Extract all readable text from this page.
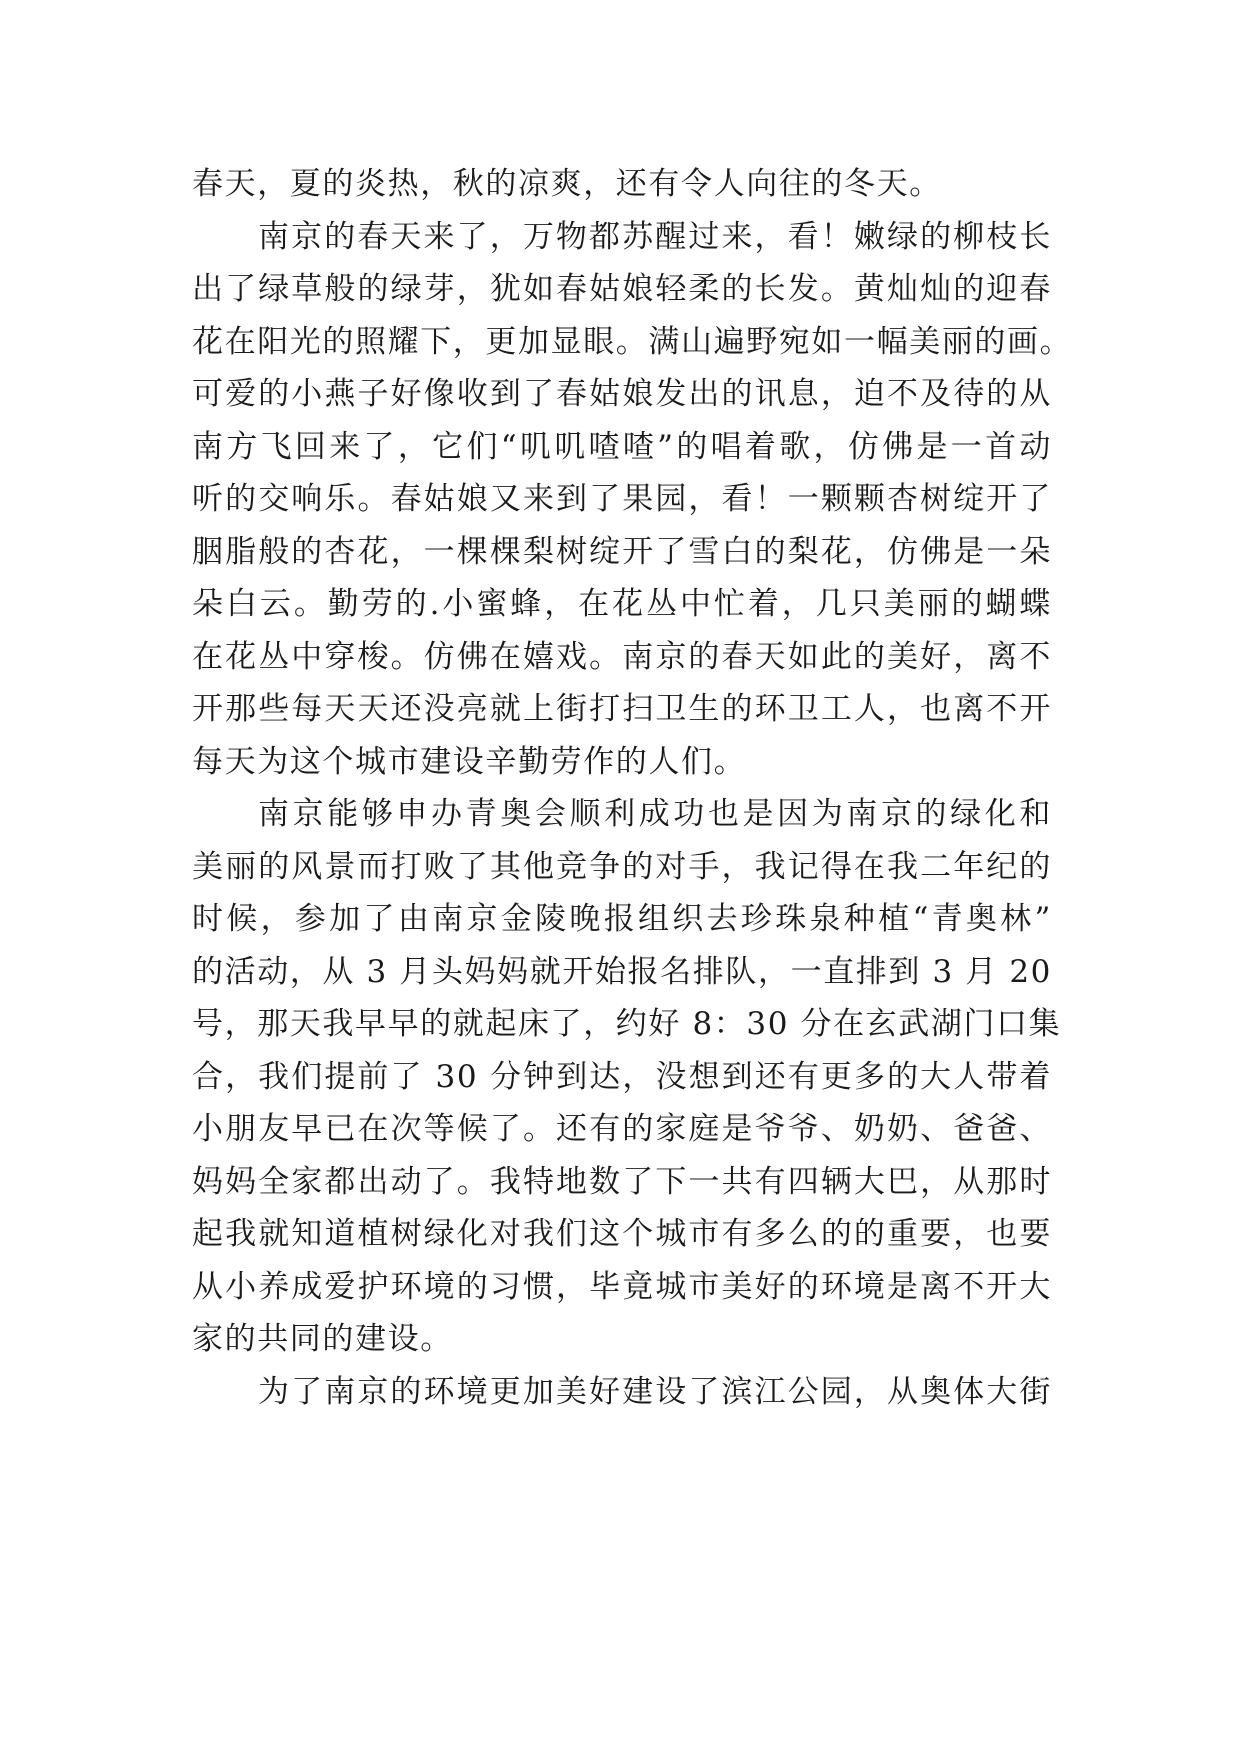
春天，夏的炎热，秋的凉爽，还有令人向往的冬天。
南京的春天来了，万物都苏醒过来，看！嫩绿的柳枝长
出了绿草般的绿芽，犹如春姑娘轻柔的长发。黄灿灿的迎春
花在阳光的照耀下，更加显眼。满山遍野宛如一幅美丽的画。
可爱的小燕子好像收到了春姑娘发出的讯息，迫不及待的从
南方飞回来了，它们“叽叽喳喳”的唱着歌，仿佛是一首动
听的交响乐。春姑娘又来到了果园，看！一颗颗杏树绽开了
胭脂般的杏花，一棵棵梨树绽开了雪白的梨花，仿佛是一朵
朵白云。勤劳的.小蜜蜂，在花丛中忙着，几只美丽的蝴蝶
在花丛中穿梭。仿佛在嬉戏。南京的春天如此的美好，离不
开那些每天天还没亮就上街打扫卫生的环卫工人，也离不开
每天为这个城市建设辛勤劳作的人们。
南京能够申办青奥会顺利成功也是因为南京的绿化和
美丽的风景而打败了其他竞争的对手，我记得在我二年纪的
时候，参加了由南京金陵晚报组织去珍珠泉种植“青奥林”
的活动，从 3 月头妈妈就开始报名排队，一直排到 3 月 20
号，那天我早早的就起床了，约好 8：30 分在玄武湖门口集
合，我们提前了 30 分钟到达，没想到还有更多的大人带着
小朋友早已在次等候了。还有的家庭是爷爷、奶奶、爸爸、
妈妈全家都出动了。我特地数了下一共有四辆大巴，从那时
起我就知道植树绿化对我们这个城市有多么的的重要，也要
从小养成爱护环境的习惯，毕竟城市美好的环境是离不开大
家的共同的建设。
为了南京的环境更加美好建设了滨江公园，从奥体大街
